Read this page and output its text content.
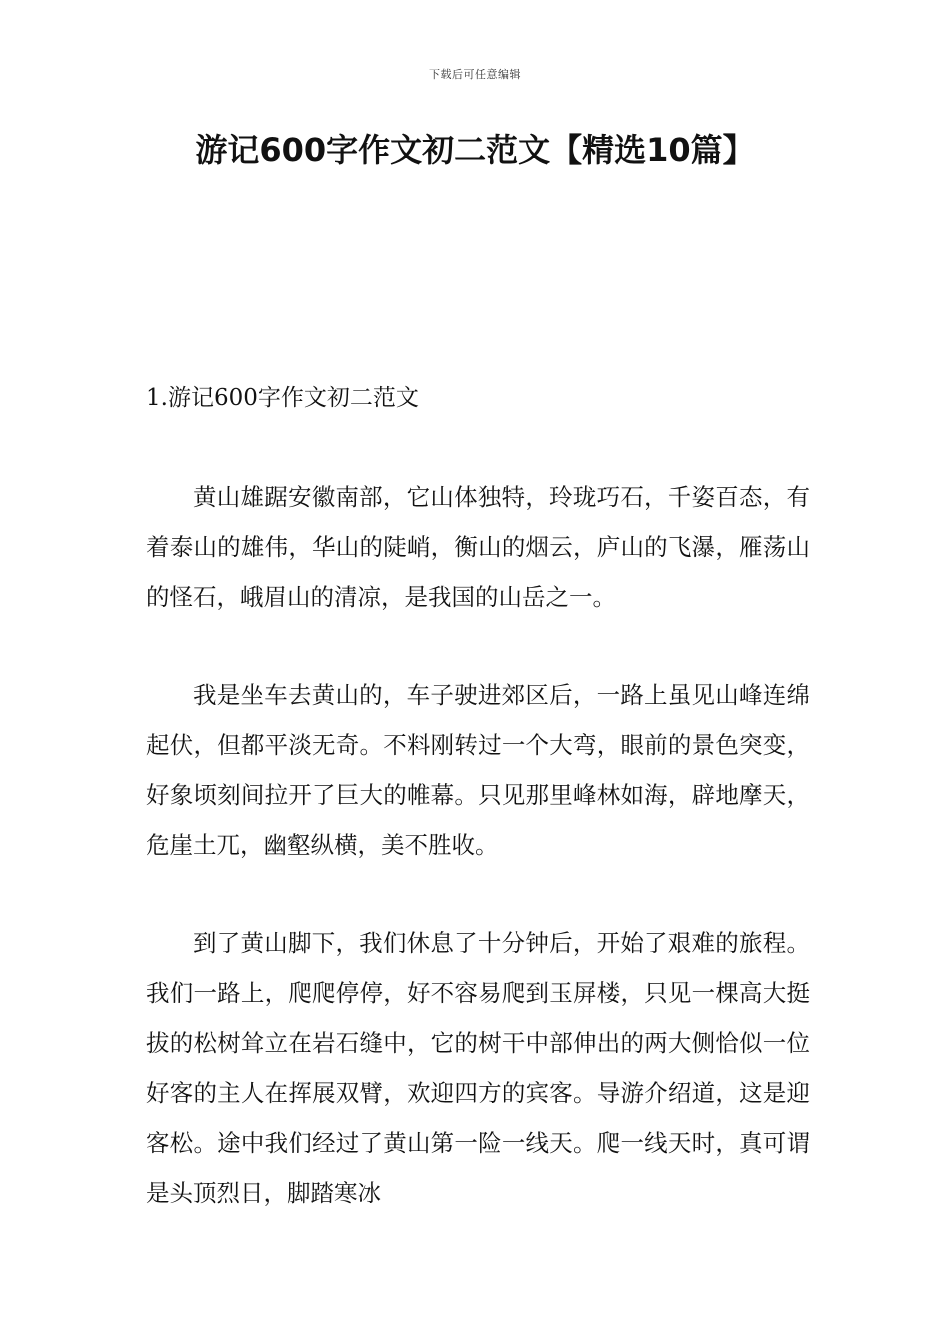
下载后可任意编辑
游记600字作文初二范文【精选10篇】
1.游记600字作文初二范文

黄山雄踞安徽南部，它山体独特，玲珑巧石，千姿百态，有着泰山的雄伟，华山的陡峭，衡山的烟云，庐山的飞瀑，雁荡山的怪石，峨眉山的清凉，是我国的山岳之一。

我是坐车去黄山的，车子驶进郊区后，一路上虽见山峰连绵起伏，但都平淡无奇。不料刚转过一个大弯，眼前的景色突变，好象顷刻间拉开了巨大的帷幕。只见那里峰林如海，辟地摩天，危崖土兀，幽壑纵横，美不胜收。

到了黄山脚下，我们休息了十分钟后，开始了艰难的旅程。我们一路上，爬爬停停，好不容易爬到玉屏楼，只见一棵高大挺拔的松树耸立在岩石缝中，它的树干中部伸出的两大侧恰似一位好客的主人在挥展双臂，欢迎四方的宾客。导游介绍道，这是迎客松。途中我们经过了黄山第一险一线天。爬一线天时，真可谓是头顶烈日，脚踏寒冰
